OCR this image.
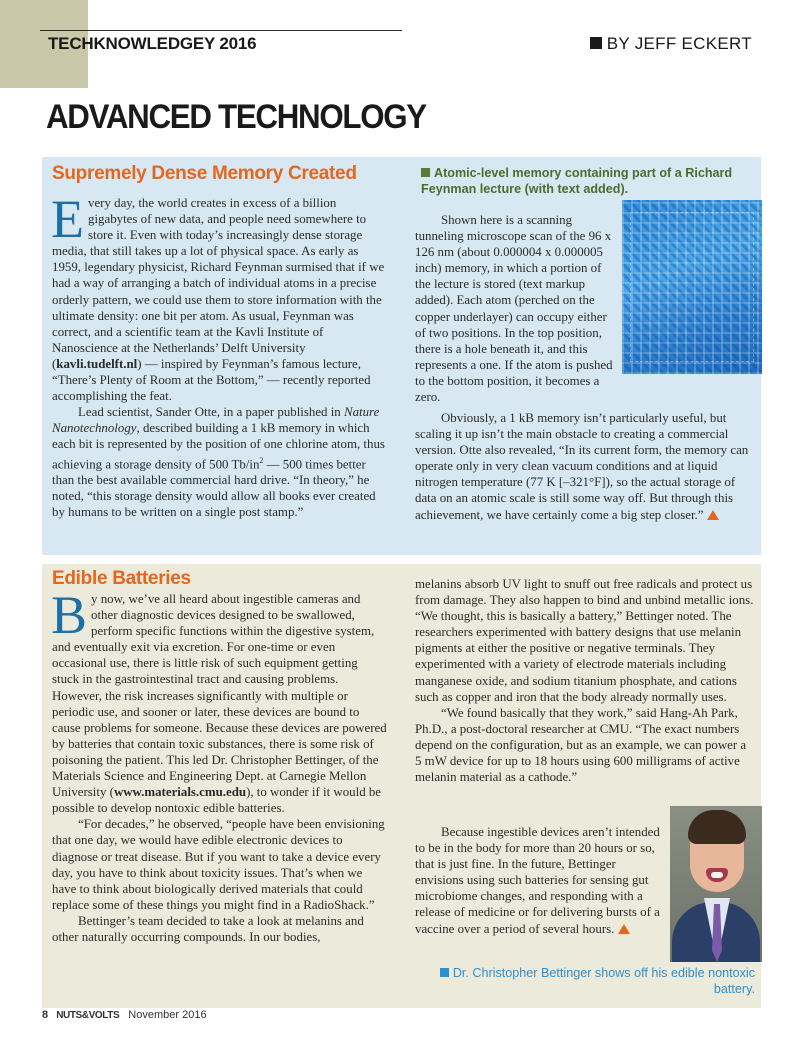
TECHKNOWLEDGEY 2016	BY JEFF ECKERT
ADVANCED TECHNOLOGY
Supremely Dense Memory Created

Every day, the world creates in excess of a billion gigabytes of new data, and people need somewhere to store it. Even with today’s increasingly dense storage media, that still takes up a lot of physical space. As early as 1959, legendary physicist, Richard Feynman surmised that if we had a way of arranging a batch of individual atoms in a precise orderly pattern, we could use them to store information with the ultimate density: one bit per atom. As usual, Feynman was correct, and a scientific team at the Kavli Institute of Nanoscience at the Netherlands’ Delft University (kavli.tudelft.nl) — inspired by Feynman’s famous lecture, “There’s Plenty of Room at the Bottom,” — recently reported accomplishing the feat.

Lead scientist, Sander Otte, in a paper published in Nature Nanotechnology, described building a 1 kB memory in which each bit is represented by the position of one chlorine atom, thus achieving a storage density of 500 $Tb/in^2$ — 500 times better than the best available commercial hard drive. “In theory,” he noted, “this storage density would allow all books ever created by humans to be written on a single post stamp.”

Atomic-level memory containing part of a Richard Feynman lecture (with text added).

Shown here is a scanning tunneling microscope scan of the 96 x 126 nm (about 0.000004 x 0.000005 inch) memory, in which a portion of the lecture is stored (text markup added). Each atom (perched on the copper underlayer) can occupy either of two positions. In the top position, there is a hole beneath it, and this represents a one. If the atom is pushed to the bottom position, it becomes a zero.

Obviously, a 1 kB memory isn’t particularly useful, but scaling it up isn’t the main obstacle to creating a commercial version. Otte also revealed, “In its current form, the memory can operate only in very clean vacuum conditions and at liquid nitrogen temperature (77 K [–321°F]), so the actual storage of data on an atomic scale is still some way off. But through this achievement, we have certainly come a big step closer.”

Edible Batteries

By now, we’ve all heard about ingestible cameras and other diagnostic devices designed to be swallowed, perform specific functions within the digestive system, and eventually exit via excretion. For one-time or even occasional use, there is little risk of such equipment getting stuck in the gastrointestinal tract and causing problems. However, the risk increases significantly with multiple or periodic use, and sooner or later, these devices are bound to cause problems for someone. Because these devices are powered by batteries that contain toxic substances, there is some risk of poisoning the patient. This led Dr. Christopher Bettinger, of the Materials Science and Engineering Dept. at Carnegie Mellon University (www.materials.cmu.edu), to wonder if it would be possible to develop nontoxic edible batteries.

“For decades,” he observed, “people have been envisioning that one day, we would have edible electronic devices to diagnose or treat disease. But if you want to take a device every day, you have to think about toxicity issues. That’s when we have to think about biologically derived materials that could replace some of these things you might find in a RadioShack.”

Bettinger’s team decided to take a look at melanins and other naturally occurring compounds. In our bodies,

melanins absorb UV light to snuff out free radicals and protect us from damage. They also happen to bind and unbind metallic ions. “We thought, this is basically a battery,” Bettinger noted. The researchers experimented with battery designs that use melanin pigments at either the positive or negative terminals. They experimented with a variety of electrode materials including manganese oxide, and sodium titanium phosphate, and cations such as copper and iron that the body already normally uses.

“We found basically that they work,” said Hang-Ah Park, Ph.D., a post-doctoral researcher at CMU. “The exact numbers depend on the configuration, but as an example, we can power a 5 mW device for up to 18 hours using 600 milligrams of active melanin material as a cathode.”

Because ingestible devices aren’t intended to be in the body for more than 20 hours or so, that is just fine. In the future, Bettinger envisions using such batteries for sensing gut microbiome changes, and responding with a release of medicine or for delivering bursts of a vaccine over a period of several hours.

Dr. Christopher Bettinger shows off his edible nontoxic battery.
8 NUTS&VOLTS November 2016
